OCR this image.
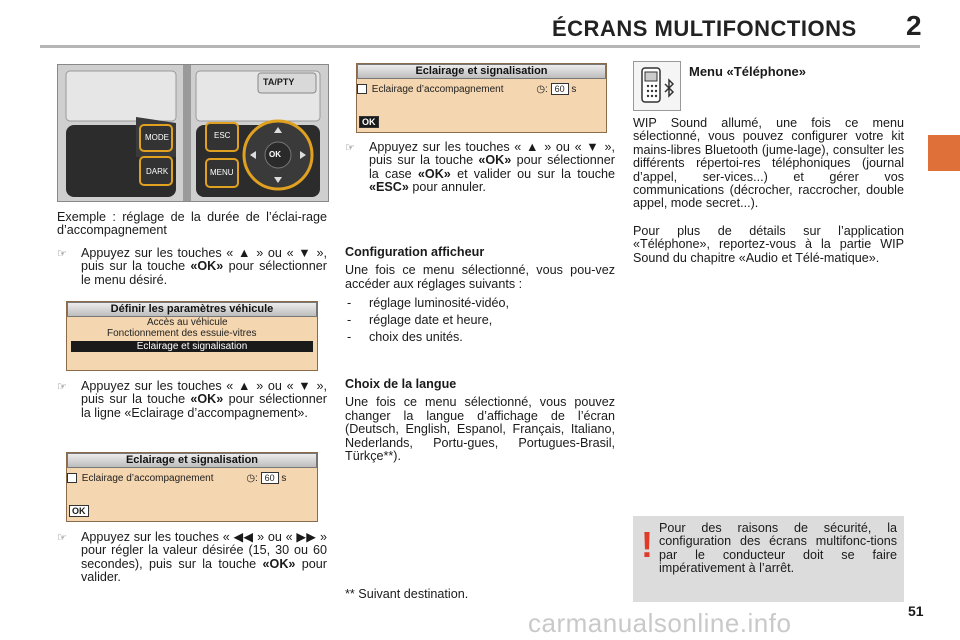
ÉCRANS MULTIFONCTIONS 2
TA/PTY
MODE
DARK
ESC
OK
MENU

Exemple : réglage de la durée de l’éclai-rage d’accompagnement

☞ Appuyez sur les touches « ▲ » ou « ▼ », puis sur la touche «OK» pour sélectionner le menu désiré.
Définir les paramètres véhicule
Accès au véhicule
Fonctionnement des essuie-vitres
Eclairage et signalisation
☞ Appuyez sur les touches « ▲ » ou « ▼ », puis sur la touche «OK» pour sélectionner la ligne «Eclairage d’accompagnement».
Eclairage et signalisation
Eclairage d’accompagnement	◷: 60 s
OK
☞ Appuyez sur les touches « ◀◀ » ou « ▶▶ » pour régler la valeur désirée (15, 30 ou 60 secondes), puis sur la touche «OK» pour valider.
Eclairage et signalisation
Eclairage d’accompagnement	◷: 60 s
OK
☞ Appuyez sur les touches « ▲ » ou « ▼ », puis sur la touche «OK» pour sélectionner la case «OK» et valider ou sur la touche «ESC» pour annuler.

Configuration afficheur

Une fois ce menu sélectionné, vous pou-vez accéder aux réglages suivants :

- réglage luminosité-vidéo,
- réglage date et heure,
- choix des unités.

Choix de la langue

Une fois ce menu sélectionné, vous pouvez changer la langue d’affichage de l’écran (Deutsch, English, Espanol, Français, Italiano, Nederlands, Portu-gues, Portugues-Brasil, Türkçe**).

** Suivant destination.

Menu «Téléphone»

WIP Sound allumé, une fois ce menu sélectionné, vous pouvez configurer votre kit mains-libres Bluetooth (jume-lage), consulter les différents répertoi-res téléphoniques (journal d’appel, ser-vices...) et gérer vos communications (décrocher, raccrocher, double appel, mode secret...).

Pour plus de détails sur l’application «Téléphone», reportez-vous à la partie WIP Sound du chapitre «Audio et Télé-matique».

! Pour des raisons de sécurité, la configuration des écrans multifonc-tions par le conducteur doit se faire impérativement à l’arrêt.

carmanualsonline.info	51
